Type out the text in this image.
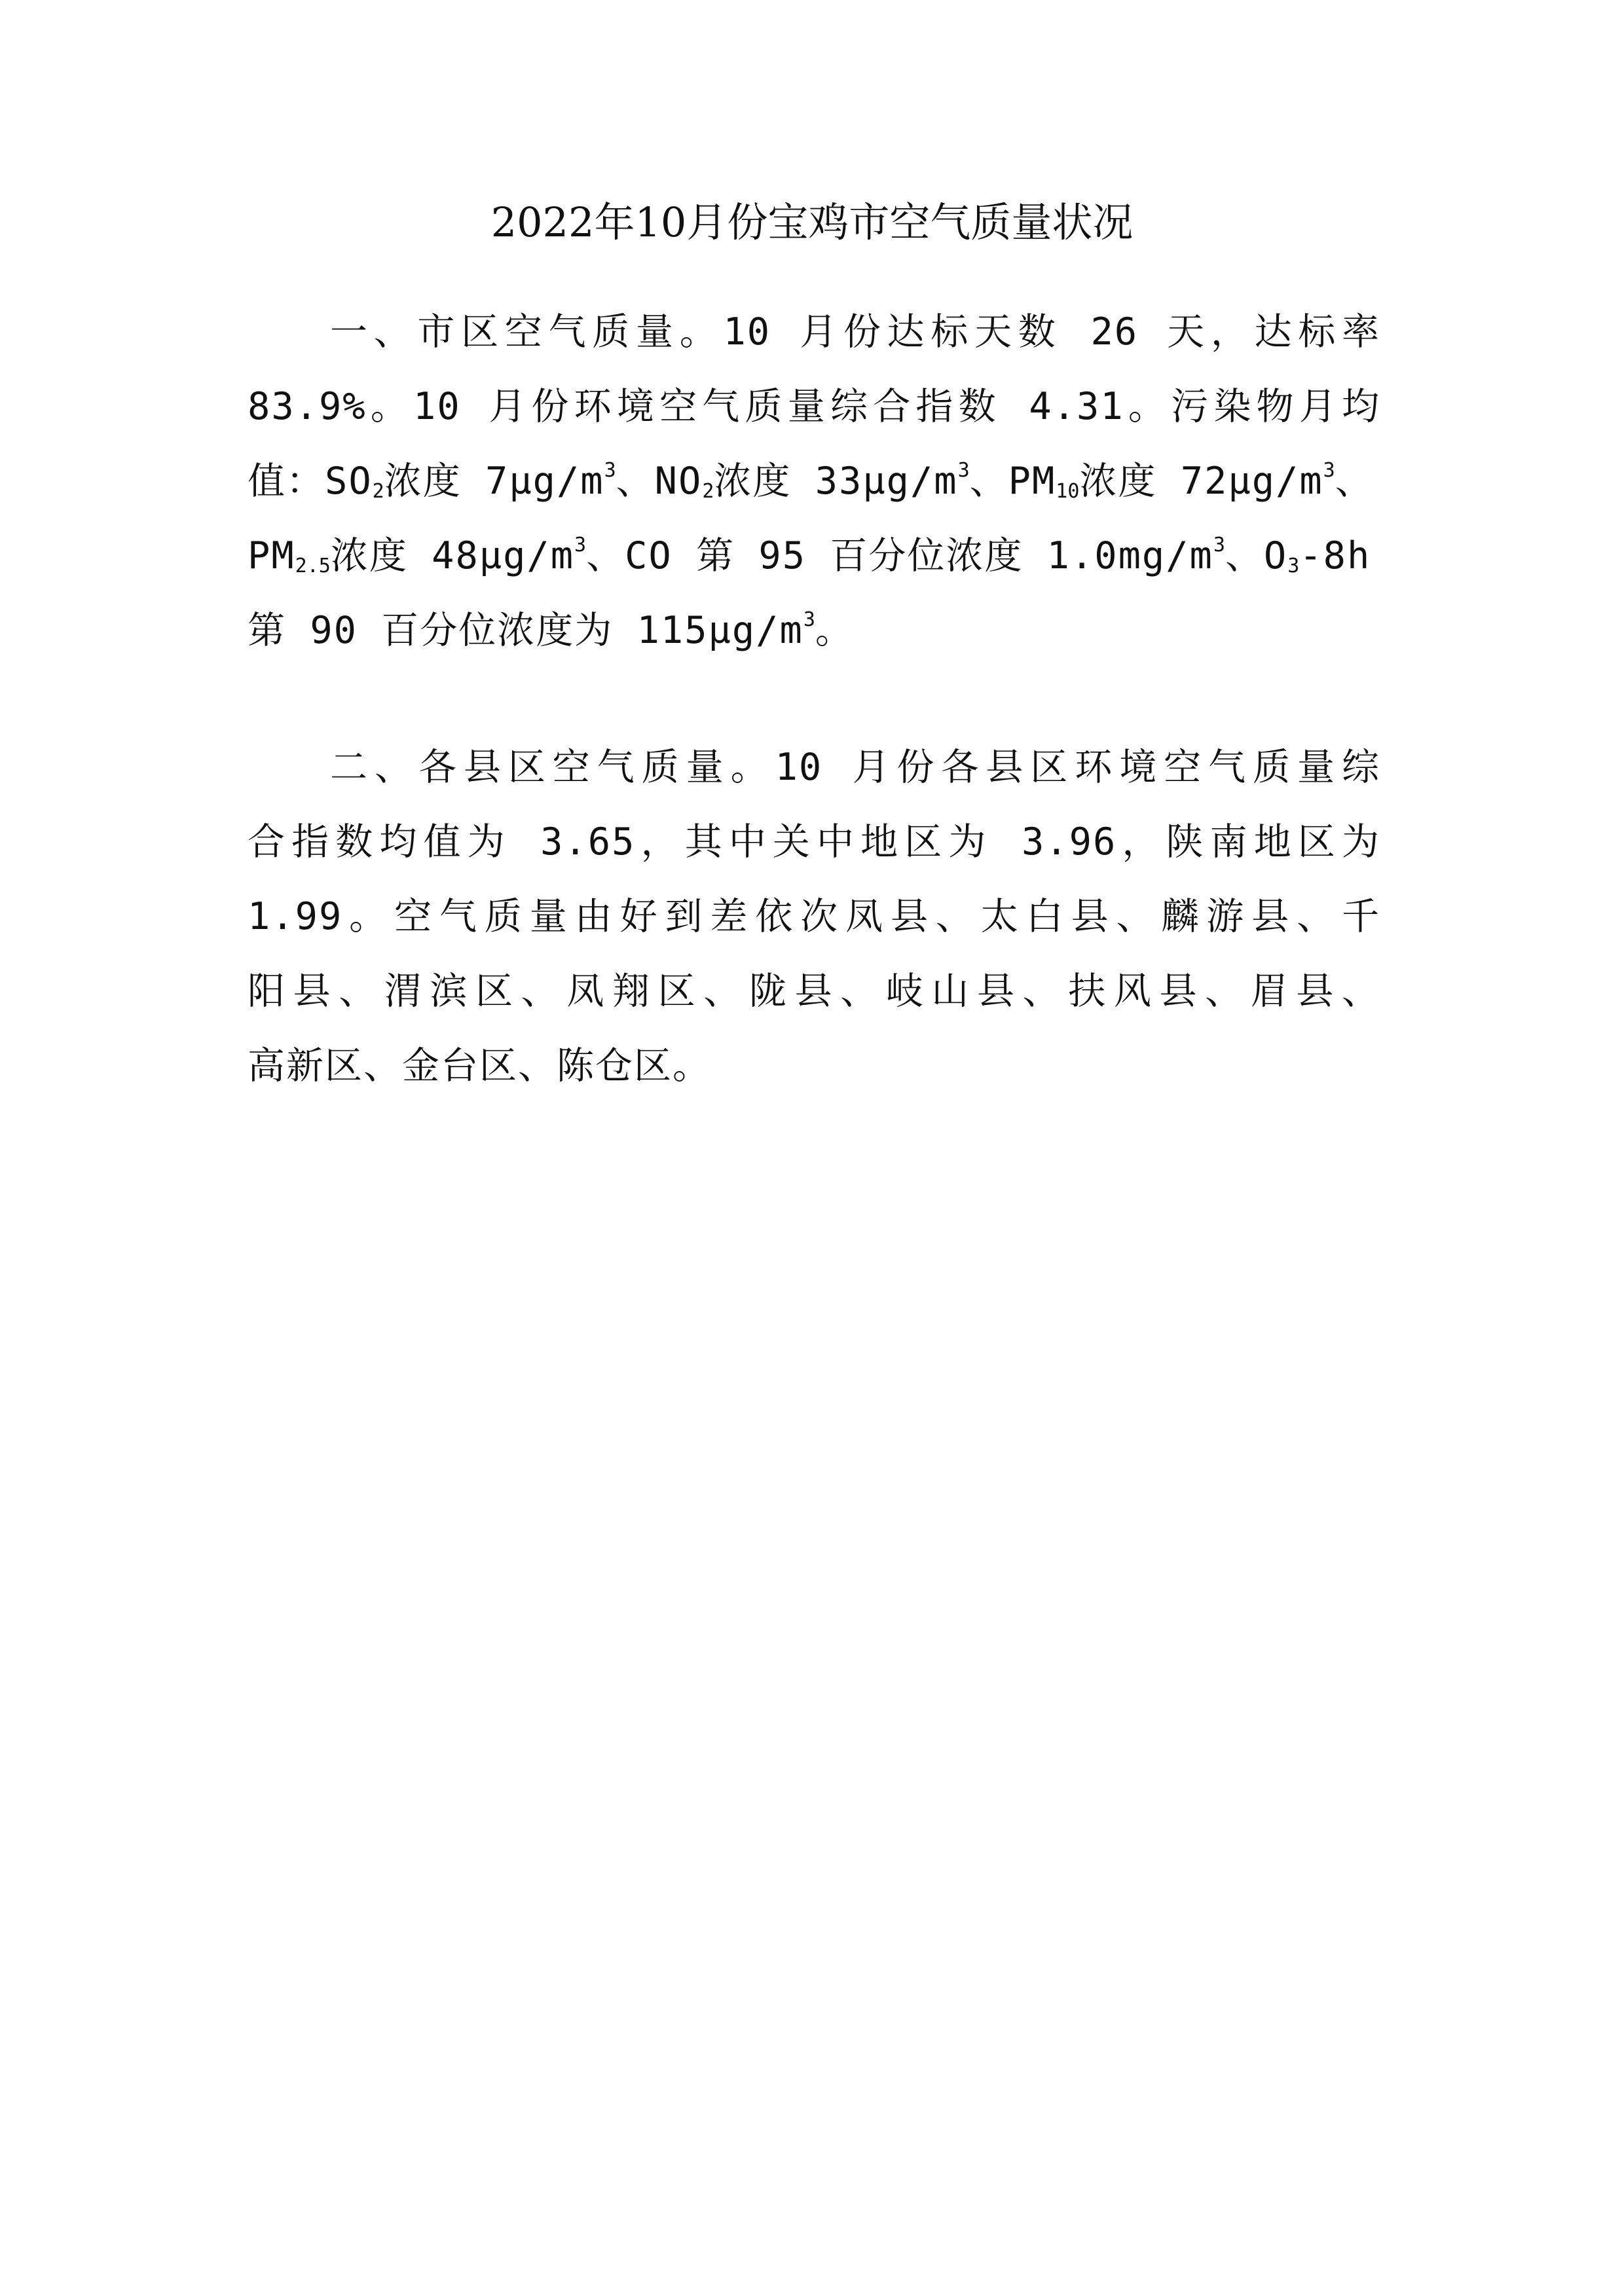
2022年10月份宝鸡市空气质量状况
一、市区空气质量。10 月份达标天数 26 天，达标率
83.9%。10 月份环境空气质量综合指数 4.31。污染物月均
值：$SO_2$浓度 $7\mu g/m^3$、$NO_2$浓度 $33\mu g/m^3$、$PM_{10}$浓度 $72\mu g/m^3$、
$PM_{2.5}$浓度 $48\mu g/m^3$、CO 第 95 百分位浓度 $1.0mg/m^3$、$O_3-8h$
第 90 百分位浓度为 $115\mu g/m^3$。
二、各县区空气质量。10 月份各县区环境空气质量综
合指数均值为 3.65，其中关中地区为 3.96，陕南地区为
1.99。空气质量由好到差依次凤县、太白县、麟游县、千
阳县、渭滨区、凤翔区、陇县、岐山县、扶风县、眉县、
高新区、金台区、陈仓区。
